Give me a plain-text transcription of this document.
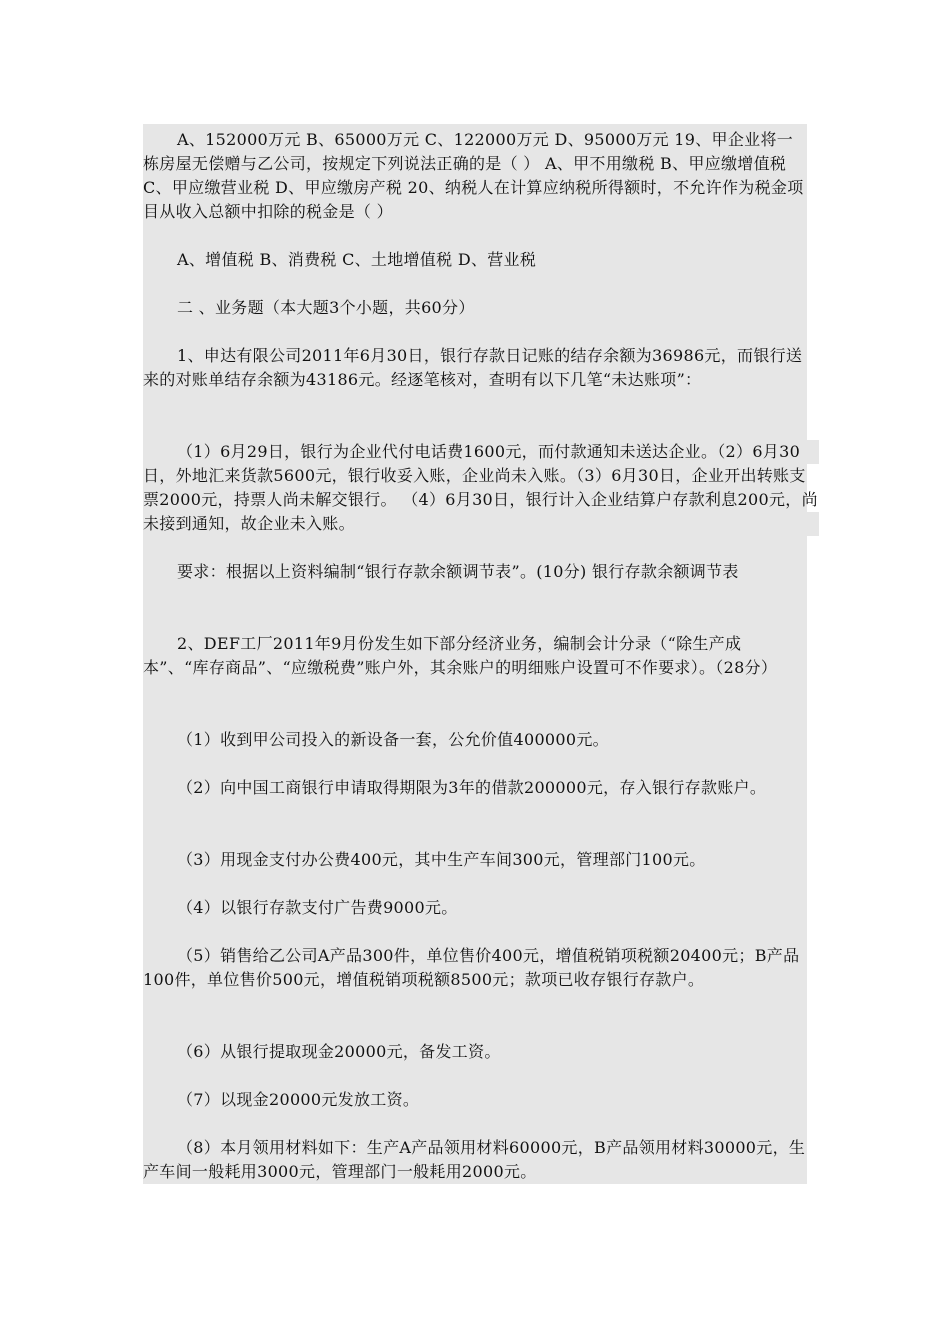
A、152000万元 B、65000万元 C、122000万元 D、95000万元 19、甲企业将一栋房屋无偿赠与乙公司，按规定下列说法正确的是（ ） A、甲不用缴税 B、甲应缴增值税 C、甲应缴营业税 D、甲应缴房产税 20、纳税人在计算应纳税所得额时，不允许作为税金项目从收入总额中扣除的税金是（ ）

A、增值税 B、消费税 C、土地增值税 D、营业税

二 、业务题（本大题3个小题，共60分）

1、申达有限公司2011年6月30日，银行存款日记账的结存余额为36986元，而银行送来的对账单结存余额为43186元。经逐笔核对，查明有以下几笔“未达账项”：

（1）6月29日，银行为企业代付电话费1600元，而付款通知未送达企业。（2）6月30日，外地汇来货款5600元，银行收妥入账，企业尚未入账。（3）6月30日，企业开出转账支票2000元，持票人尚未解交银行。 （4）6月30日，银行计入企业结算户存款利息200元，尚未接到通知，故企业未入账。

要求：根据以上资料编制“银行存款余额调节表”。(10分) 银行存款余额调节表

2、DEF工厂2011年9月份发生如下部分经济业务，编制会计分录（“除生产成本”、“库存商品”、“应缴税费”账户外，其余账户的明细账户设置可不作要求）。（28分）

（1）收到甲公司投入的新设备一套，公允价值400000元。

（2）向中国工商银行申请取得期限为3年的借款200000元，存入银行存款账户。

（3）用现金支付办公费400元，其中生产车间300元，管理部门100元。

（4）以银行存款支付广告费9000元。

（5）销售给乙公司A产品300件，单位售价400元，增值税销项税额20400元；B产品100件，单位售价500元，增值税销项税额8500元；款项已收存银行存款户。

（6）从银行提取现金20000元，备发工资。

（7）以现金20000元发放工资。

（8）本月领用材料如下：生产A产品领用材料60000元，B产品领用材料30000元，生产车间一般耗用3000元，管理部门一般耗用2000元。
